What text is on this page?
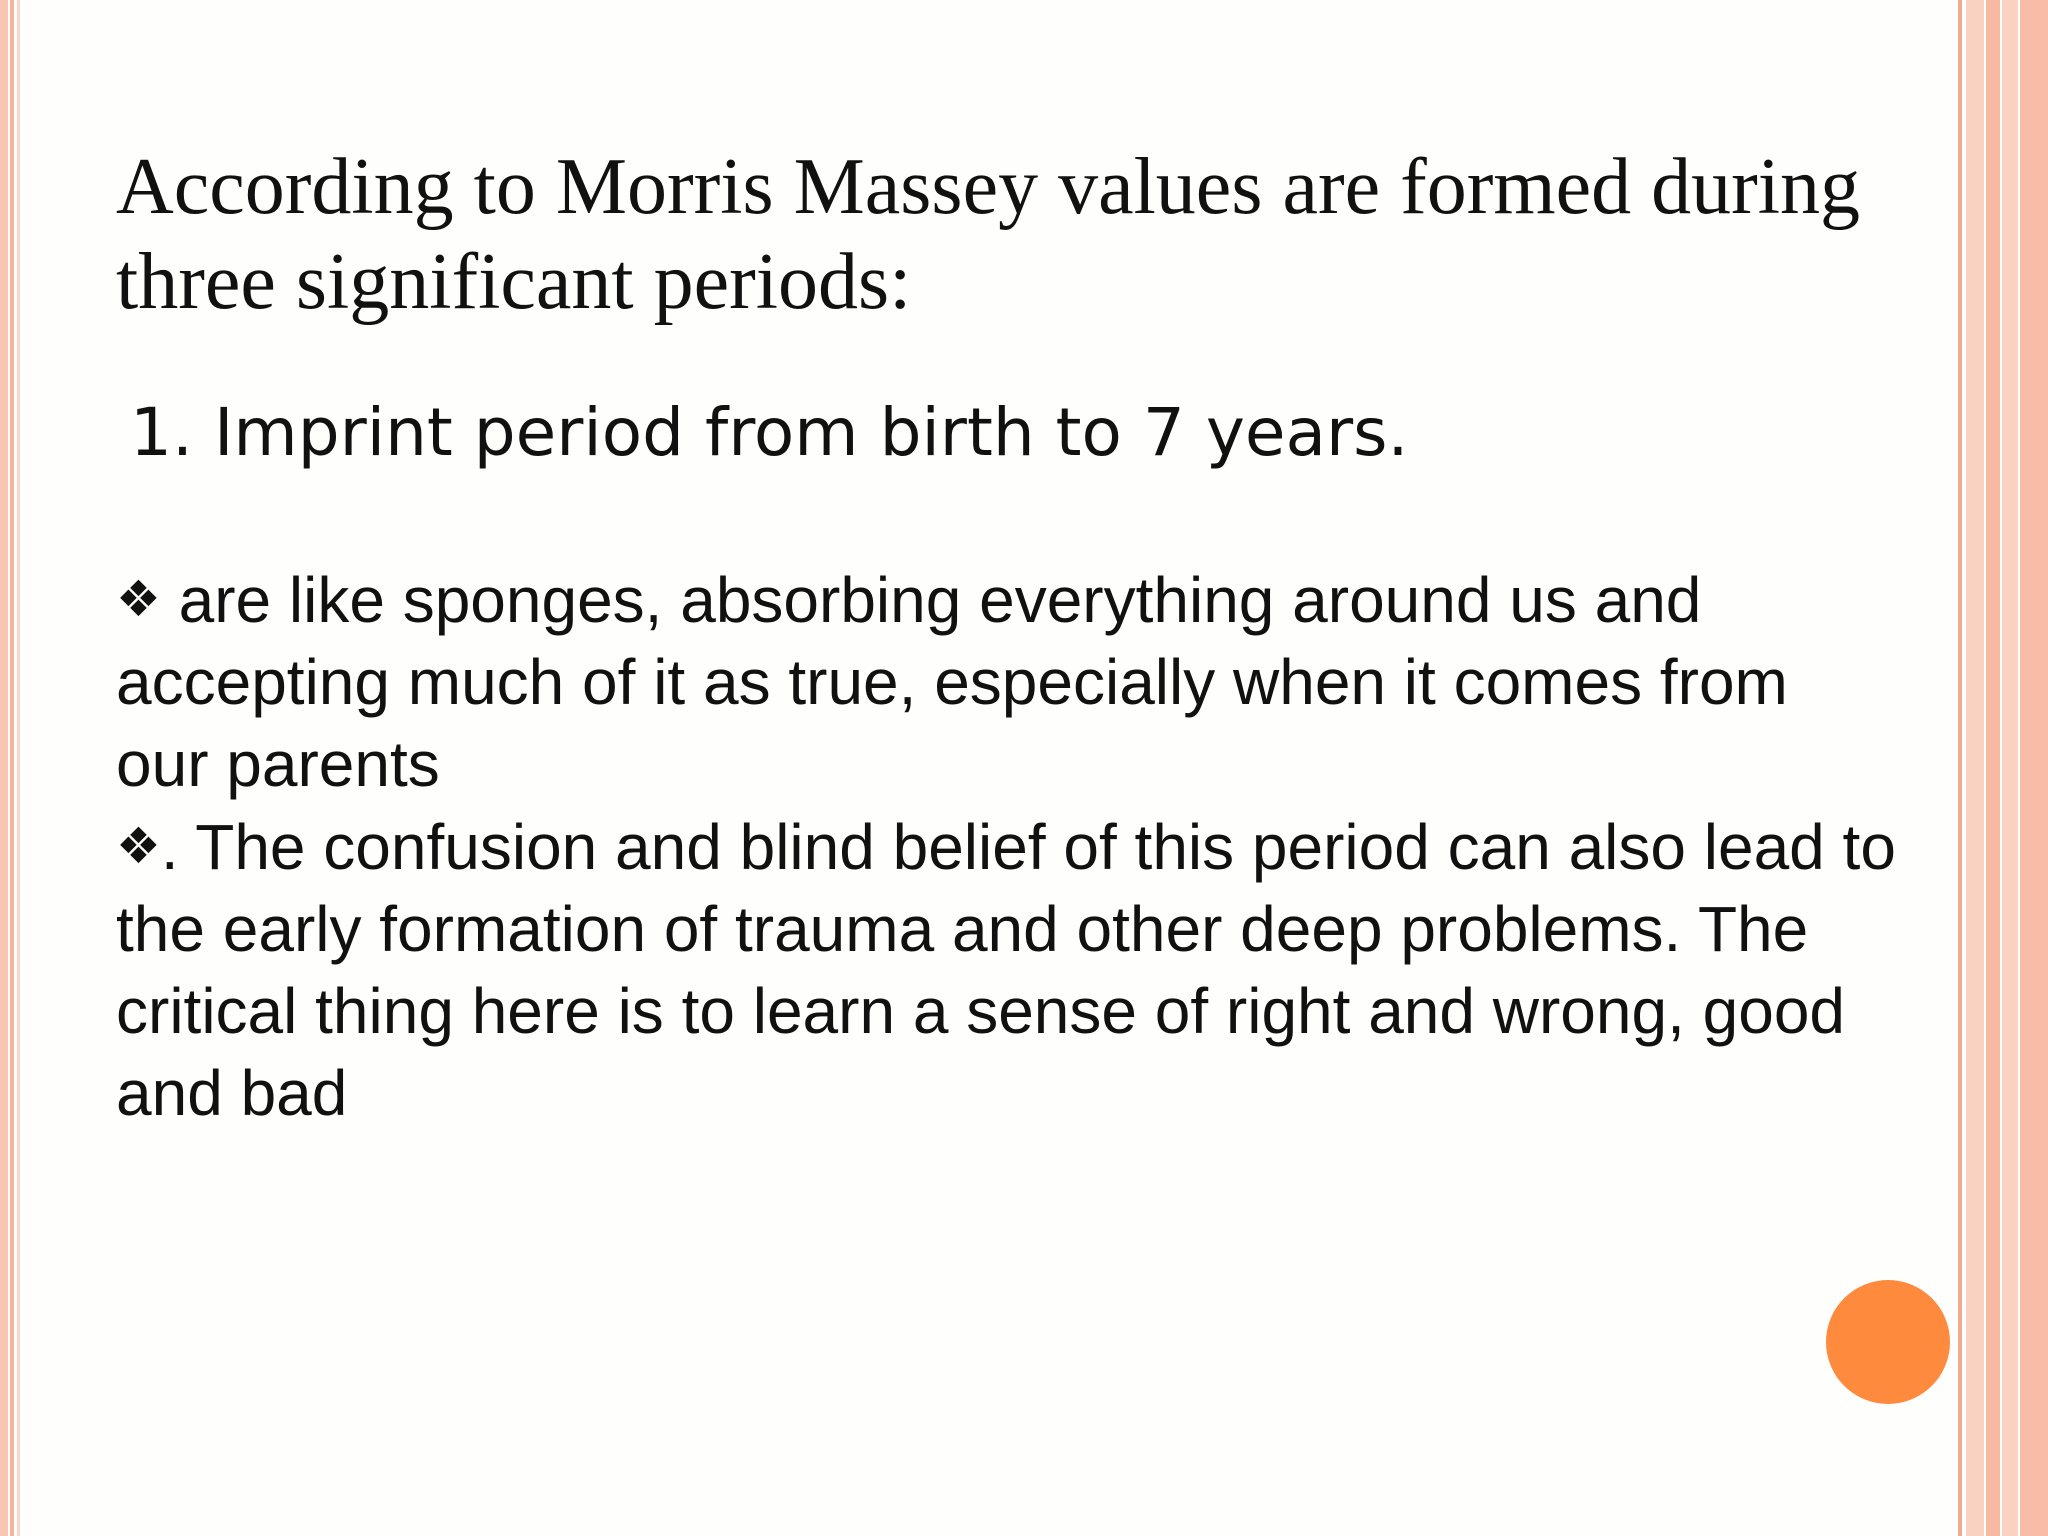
According to Morris Massey values are formed during three significant periods:
1. Imprint period from birth to 7 years.

❖ are like sponges, absorbing everything around us and accepting much of it as true, especially when it comes from our parents

❖. The confusion and blind belief of this period can also lead to the early formation of trauma and other deep problems. The critical thing here is to learn a sense of right and wrong, good and bad
